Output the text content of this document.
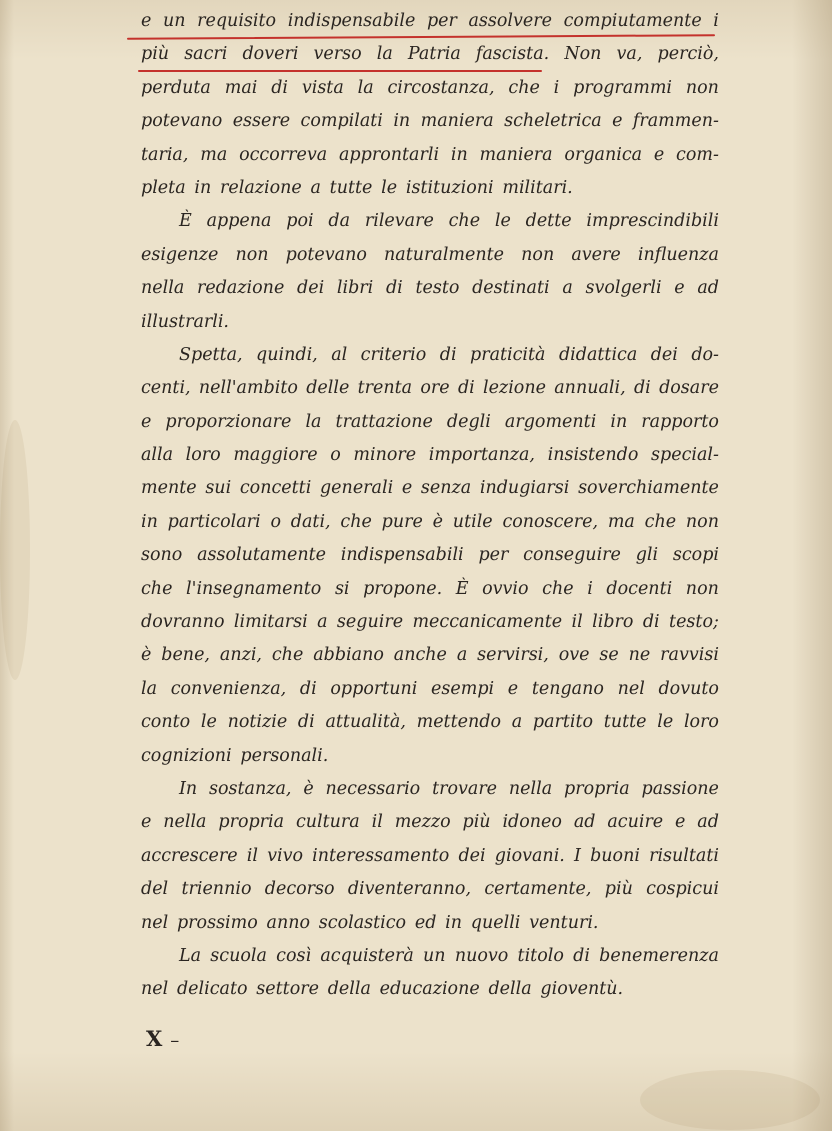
e un requisito indispensabile per assolvere compiutamente i
più sacri doveri verso la Patria fascista. Non va, perciò,
perduta mai di vista la circostanza, che i programmi non
potevano essere compilati in maniera scheletrica e frammen-
taria, ma occorreva approntarli in maniera organica e com-
pleta in relazione a tutte le istituzioni militari.
È appena poi da rilevare che le dette imprescindibili
esigenze non potevano naturalmente non avere influenza
nella redazione dei libri di testo destinati a svolgerli e ad
illustrarli.
Spetta, quindi, al criterio di praticità didattica dei do-
centi, nell'ambito delle trenta ore di lezione annuali, di dosare
e proporzionare la trattazione degli argomenti in rapporto
alla loro maggiore o minore importanza, insistendo special-
mente sui concetti generali e senza indugiarsi soverchiamente
in particolari o dati, che pure è utile conoscere, ma che non
sono assolutamente indispensabili per conseguire gli scopi
che l'insegnamento si propone. È ovvio che i docenti non
dovranno limitarsi a seguire meccanicamente il libro di testo;
è bene, anzi, che abbiano anche a servirsi, ove se ne ravvisi
la convenienza, di opportuni esempi e tengano nel dovuto
conto le notizie di attualità, mettendo a partito tutte le loro
cognizioni personali.
In sostanza, è necessario trovare nella propria passione
e nella propria cultura il mezzo più idoneo ad acuire e ad
accrescere il vivo interessamento dei giovani. I buoni risultati
del triennio decorso diventeranno, certamente, più cospicui
nel prossimo anno scolastico ed in quelli venturi.
La scuola così acquisterà un nuovo titolo di benemerenza
nel delicato settore della educazione della gioventù.
X –
